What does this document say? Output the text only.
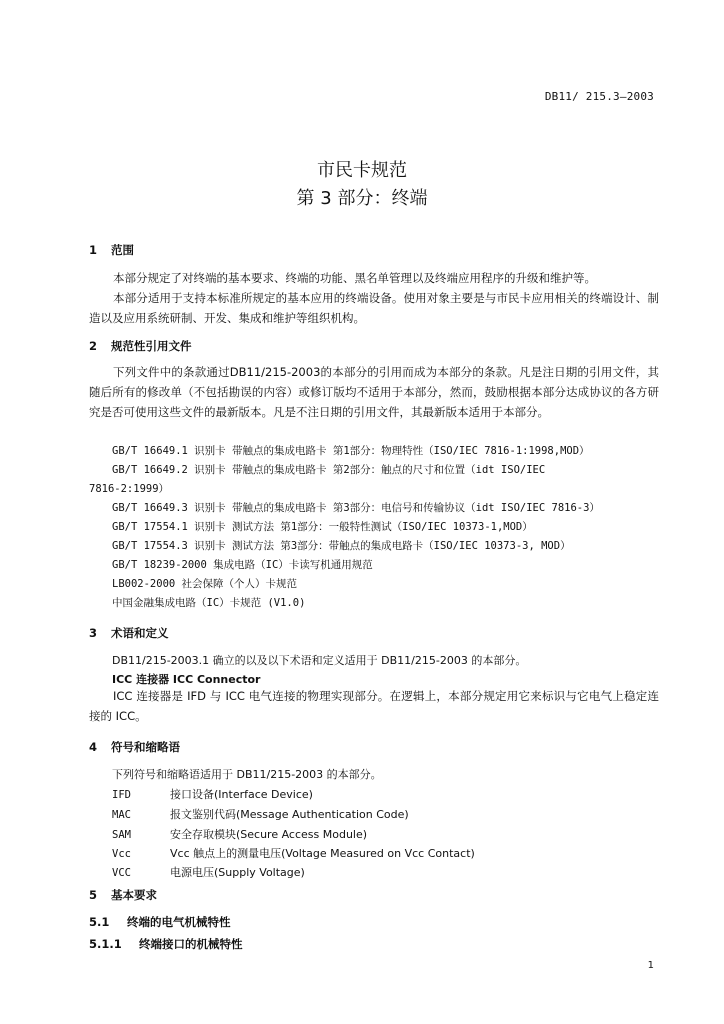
DB11/ 215.3—2003
市民卡规范
第 3 部分：终端
1 范围

本部分规定了对终端的基本要求、终端的功能、黑名单管理以及终端应用程序的升级和维护等。

本部分适用于支持本标准所规定的基本应用的终端设备。使用对象主要是与市民卡应用相关的终端设计、制造以及应用系统研制、开发、集成和维护等组织机构。

2 规范性引用文件

下列文件中的条款通过DB11/215-2003的本部分的引用而成为本部分的条款。凡是注日期的引用文件，其随后所有的修改单（不包括勘误的内容）或修订版均不适用于本部分，然而，鼓励根据本部分达成协议的各方研究是否可使用这些文件的最新版本。凡是不注日期的引用文件，其最新版本适用于本部分。

GB/T 16649.1 识别卡 带触点的集成电路卡 第1部分：物理特性（ISO/IEC 7816-1:1998,MOD）
GB/T 16649.2 识别卡 带触点的集成电路卡 第2部分：触点的尺寸和位置（idt ISO/IEC
7816-2:1999）
GB/T 16649.3 识别卡 带触点的集成电路卡 第3部分：电信号和传输协议（idt ISO/IEC 7816-3）
GB/T 17554.1 识别卡 测试方法 第1部分：一般特性测试（ISO/IEC 10373-1,MOD）
GB/T 17554.3 识别卡 测试方法 第3部分：带触点的集成电路卡（ISO/IEC 10373-3, MOD）
GB/T 18239-2000 集成电路（IC）卡读写机通用规范
LB002-2000 社会保障（个人）卡规范
中国金融集成电路（IC）卡规范 (V1.0)
3 术语和定义
DB11/215-2003.1 确立的以及以下术语和定义适用于 DB11/215-2003 的本部分。
ICC 连接器 ICC Connector

ICC 连接器是 IFD 与 ICC 电气连接的物理实现部分。在逻辑上，本部分规定用它来标识与它电气上稳定连接的 ICC。

4 符号和缩略语
下列符号和缩略语适用于 DB11/215-2003 的本部分。
IFD	接口设备(Interface Device)
MAC	报文鉴别代码(Message Authentication Code)
SAM	安全存取模块(Secure Access Module)
Vcc	Vcc 触点上的测量电压(Voltage Measured on Vcc Contact)
VCC	电源电压(Supply Voltage)
5 基本要求
5.1 终端的电气机械特性
5.1.1 终端接口的机械特性
1
